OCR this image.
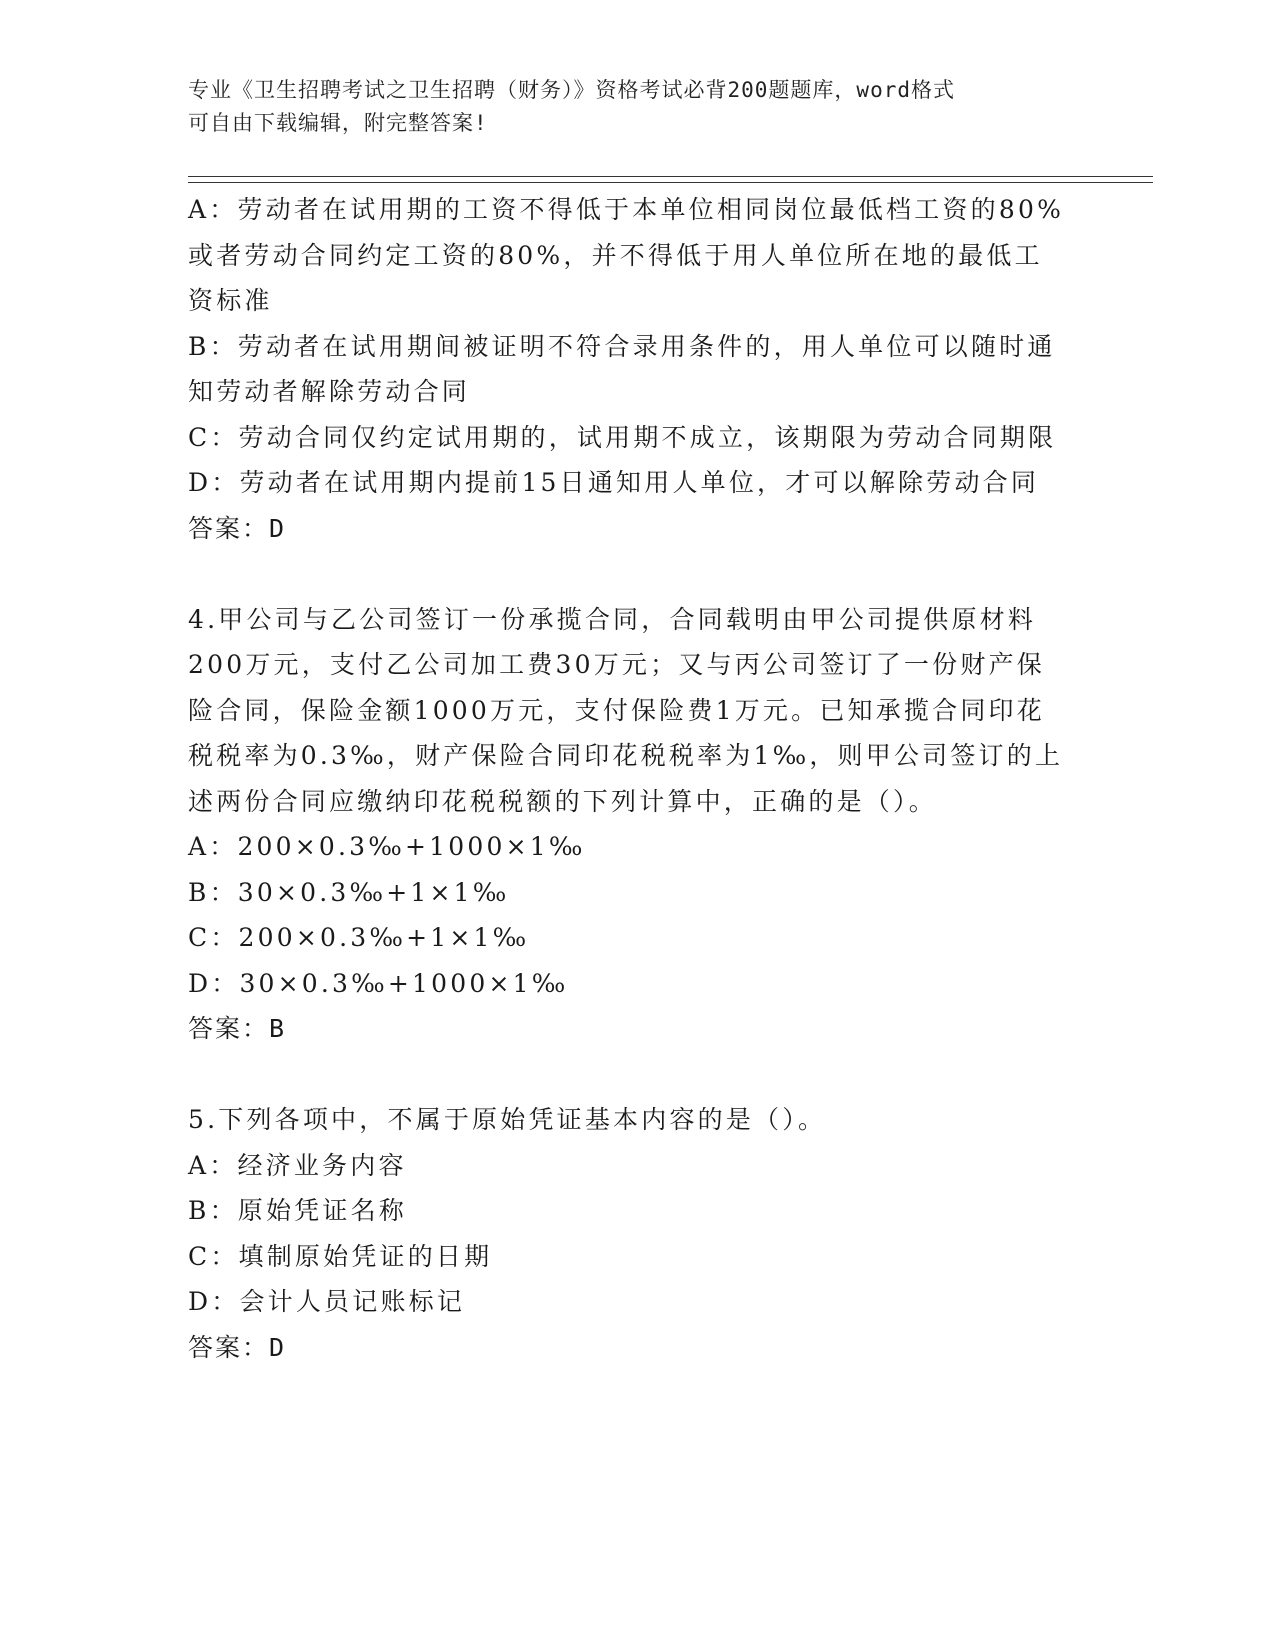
专业《卫生招聘考试之卫生招聘（财务）》资格考试必背200题题库，word格式
可自由下载编辑，附完整答案!
A：劳动者在试用期的工资不得低于本单位相同岗位最低档工资的80%
或者劳动合同约定工资的80%，并不得低于用人单位所在地的最低工
资标准
B：劳动者在试用期间被证明不符合录用条件的，用人单位可以随时通
知劳动者解除劳动合同
C：劳动合同仅约定试用期的，试用期不成立，该期限为劳动合同期限
D：劳动者在试用期内提前15日通知用人单位，才可以解除劳动合同
答案：D
4.甲公司与乙公司签订一份承揽合同，合同载明由甲公司提供原材料
200万元，支付乙公司加工费30万元；又与丙公司签订了一份财产保
险合同，保险金额1000万元，支付保险费1万元。已知承揽合同印花
税税率为0.3‰，财产保险合同印花税税率为1‰，则甲公司签订的上
述两份合同应缴纳印花税税额的下列计算中，正确的是（）。
A：200×0.3‰+1000×1‰
B：30×0.3‰+1×1‰
C：200×0.3‰+1×1‰
D：30×0.3‰+1000×1‰
答案：B
5.下列各项中，不属于原始凭证基本内容的是（）。
A：经济业务内容
B：原始凭证名称
C：填制原始凭证的日期
D：会计人员记账标记
答案：D
